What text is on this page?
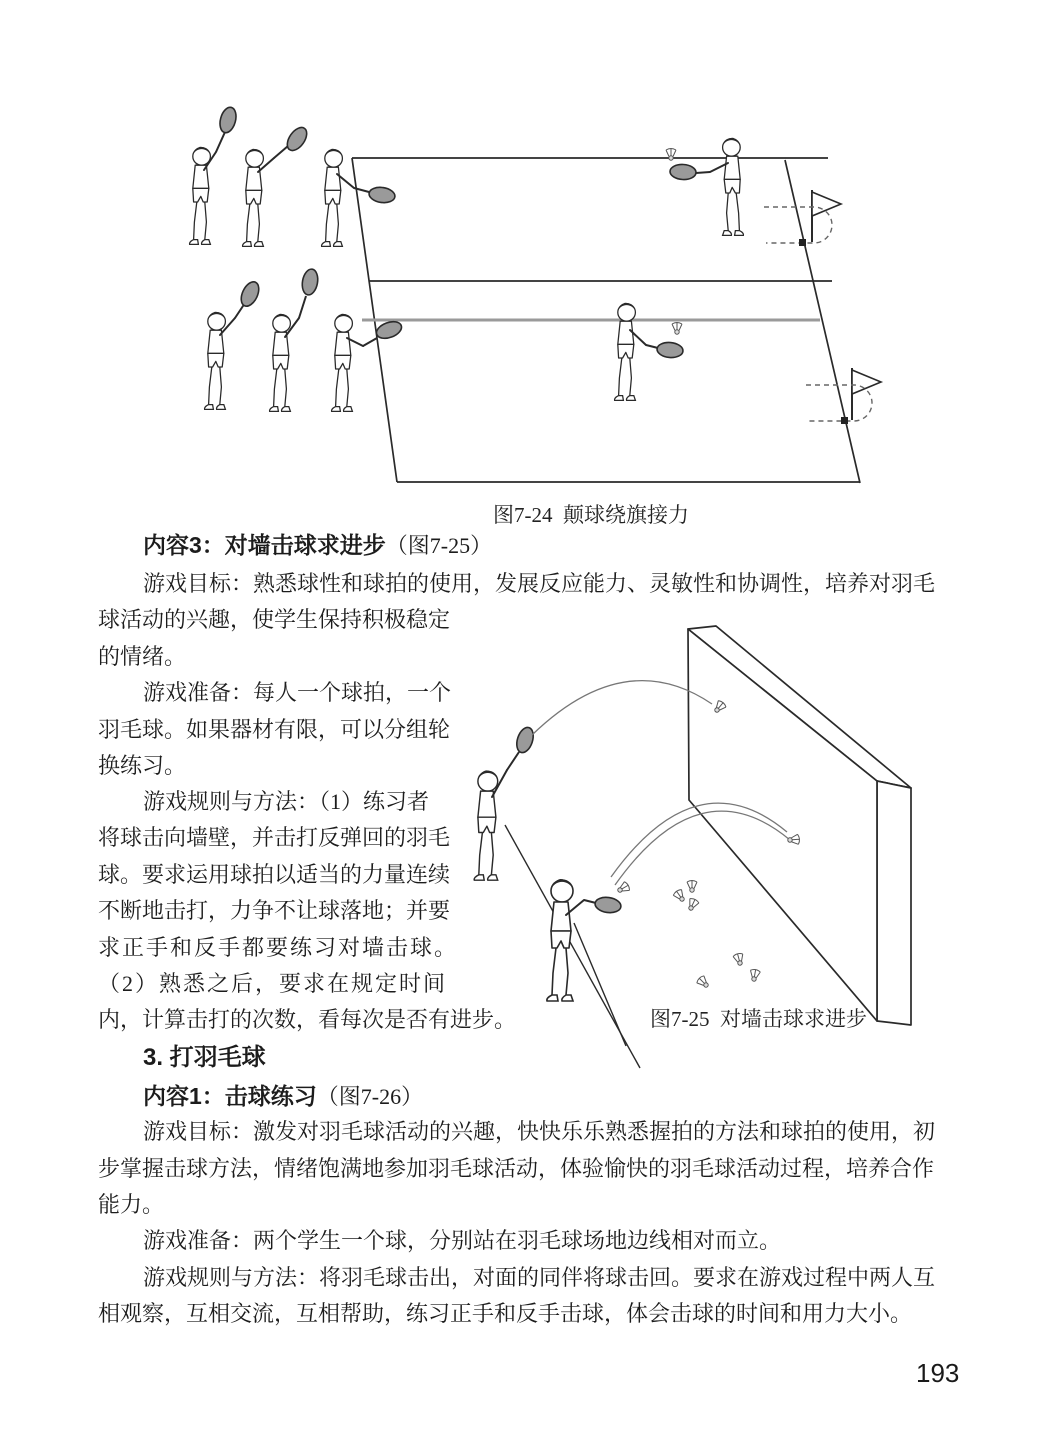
图7-24  颠球绕旗接力
图7-25  对墙击球求进步
内容3：对墙击球求进步（图7-25）
游戏目标：熟悉球性和球拍的使用，发展反应能力、灵敏性和协调性，培养对羽毛
球活动的兴趣，使学生保持积极稳定
的情绪。
游戏准备：每人一个球拍，一个
羽毛球。如果器材有限，可以分组轮
换练习。
游戏规则与方法：（1）练习者
将球击向墙壁，并击打反弹回的羽毛
球。要求运用球拍以适当的力量连续
不断地击打，力争不让球落地；并要
求正手和反手都要练习对墙击球。
（2）熟悉之后，要求在规定时间
内，计算击打的次数，看每次是否有进步。
3. 打羽毛球
内容1：击球练习（图7-26）
游戏目标：激发对羽毛球活动的兴趣，快快乐乐熟悉握拍的方法和球拍的使用，初
步掌握击球方法，情绪饱满地参加羽毛球活动，体验愉快的羽毛球活动过程，培养合作
能力。
游戏准备：两个学生一个球，分别站在羽毛球场地边线相对而立。
游戏规则与方法：将羽毛球击出，对面的同伴将球击回。要求在游戏过程中两人互
相观察，互相交流，互相帮助，练习正手和反手击球，体会击球的时间和用力大小。
193
